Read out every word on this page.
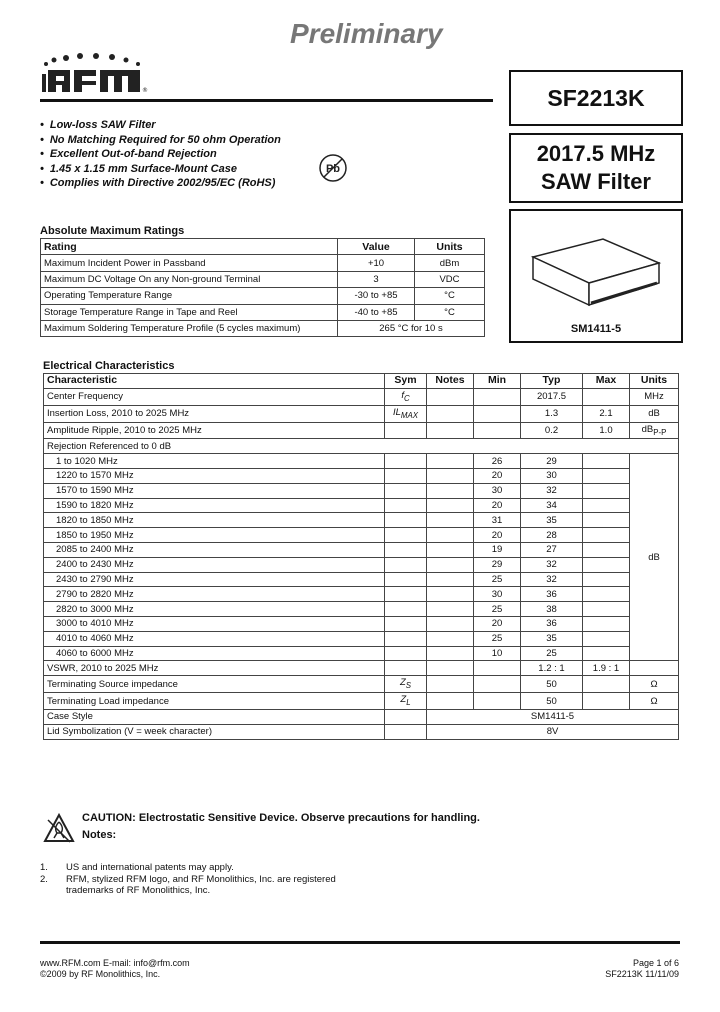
Preliminary
®	SF2213K
2017.5 MHz
SAW Filter
SM1411-5
• Low-loss SAW Filter
• No Matching Required for 50 ohm Operation
• Excellent Out-of-band Rejection
• 1.45 x 1.15 mm Surface-Mount Case
• Complies with Directive 2002/95/EC (RoHS)
Pb
Absolute Maximum Ratings
Rating	Value	Units
Maximum Incident Power in Passband	+10	dBm
Maximum DC Voltage On any Non-ground Terminal	3	VDC
Operating Temperature Range	-30 to +85	°C
Storage Temperature Range in Tape and Reel	-40 to +85	°C
Maximum Soldering Temperature Profile (5 cycles maximum)	265 °C for 10 s	
Electrical Characteristics
Characteristic	Sym	Notes	Min	Typ	Max	Units
Center Frequency	$f_C$			2017.5		MHz
Insertion Loss, 2010 to 2025 MHz	$IL_{MAX}$			1.3	2.1	dB
Amplitude Ripple, 2010 to 2025 MHz				0.2	1.0	$dB_{P-P}$
Rejection Referenced to 0 dB						
1 to 1020 MHz			26	29		dB
1220 to 1570 MHz			20	30		
1570 to 1590 MHz			30	32		
1590 to 1820 MHz			20	34		
1820 to 1850 MHz			31	35		
1850 to 1950 MHz			20	28		
2085 to 2400 MHz			19	27		
2400 to 2430 MHz			29	32		
2430 to 2790 MHz			25	32		
2790 to 2820 MHz			30	36		
2820 to 3000 MHz			25	38		
3000 to 4010 MHz			20	36		
4010 to 4060 MHz			25	35		
4060 to 6000 MHz			10	25		
VSWR, 2010 to 2025 MHz				1.2 : 1	1.9 : 1	
Terminating Source impedance	$Z_S$			50		Ω
Terminating Load impedance	$Z_L$			50		Ω
Case Style		SM1411-5				
Lid Symbolization (V = week character)		8V				
CAUTION: Electrostatic Sensitive Device. Observe precautions for handling.
Notes:
1. US and international patents may apply.
2. RFM, stylized RFM logo, and RF Monolithics, Inc. are registered
trademarks of RF Monolithics, Inc.
www.RFM.com E-mail: info@rfm.com
©2009 by RF Monolithics, Inc.
Page 1 of 6
SF2213K 11/11/09
